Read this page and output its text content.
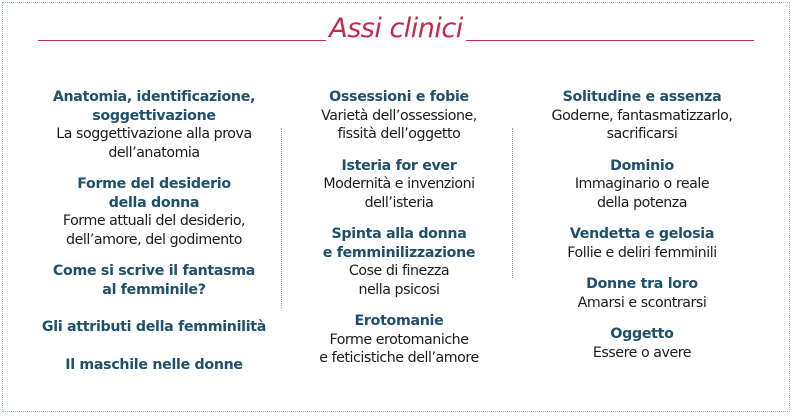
Assi clinici
Anatomia, identificazione,
soggettivazione
La soggettivazione alla prova
dell’anatomia
Forme del desiderio
della donna
Forme attuali del desiderio,
dell’amore, del godimento
Come si scrive il fantasma
al femminile?
Gli attributi della femminilità
Il maschile nelle donne
Ossessioni e fobie
Varietà dell’ossessione,
fissità dell’oggetto
Isteria for ever
Modernità e invenzioni
dell’isteria
Spinta alla donna
e femminilizzazione
Cose di finezza
nella psicosi
Erotomanie
Forme erotomaniche
e feticistiche dell’amore
Solitudine e assenza
Goderne, fantasmatizzarlo,
sacrificarsi
Dominio
Immaginario o reale
della potenza
Vendetta e gelosia
Follie e deliri femminili
Donne tra loro
Amarsi e scontrarsi
Oggetto
Essere o avere
